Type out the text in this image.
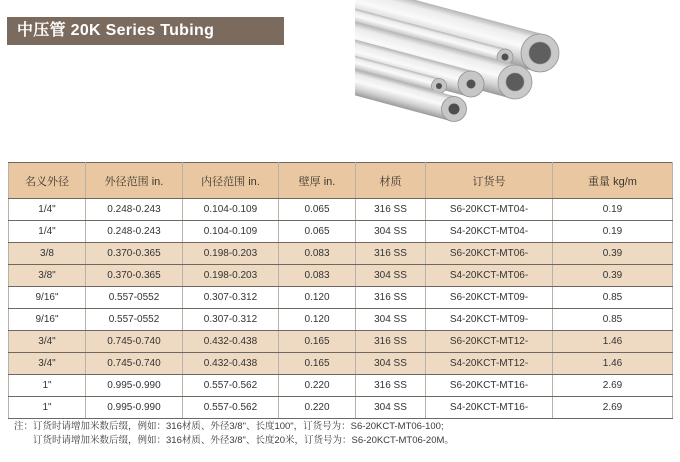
中压管 20K Series Tubing
名义外径	外径范围 in.	内径范围 in.	壁厚 in.	材质	订货号	重量 kg/m
1/4"	0.248-0.243	0.104-0.109	0.065	316 SS	S6-20KCT-MT04-	0.19
1/4"	0.248-0.243	0.104-0.109	0.065	304 SS	S4-20KCT-MT04-	0.19
3/8	0.370-0.365	0.198-0.203	0.083	316 SS	S6-20KCT-MT06-	0.39
3/8"	0.370-0.365	0.198-0.203	0.083	304 SS	S4-20KCT-MT06-	0.39
9/16"	0.557-0552	0.307-0.312	0.120	316 SS	S6-20KCT-MT09-	0.85
9/16"	0.557-0552	0.307-0.312	0.120	304 SS	S4-20KCT-MT09-	0.85
3/4"	0.745-0.740	0.432-0.438	0.165	316 SS	S6-20KCT-MT12-	1.46
3/4"	0.745-0.740	0.432-0.438	0.165	304 SS	S4-20KCT-MT12-	1.46
1"	0.995-0.990	0.557-0.562	0.220	316 SS	S6-20KCT-MT16-	2.69
1"	0.995-0.990	0.557-0.562	0.220	304 SS	S4-20KCT-MT16-	2.69
注：订货时请增加米数后缀，例如：316材质、外径3/8"、长度100"，订货号为：S6-20KCT-MT06-100;
订货时请增加米数后缀，例如：316材质、外径3/8"、长度20米，订货号为：S6-20KCT-MT06-20M。
